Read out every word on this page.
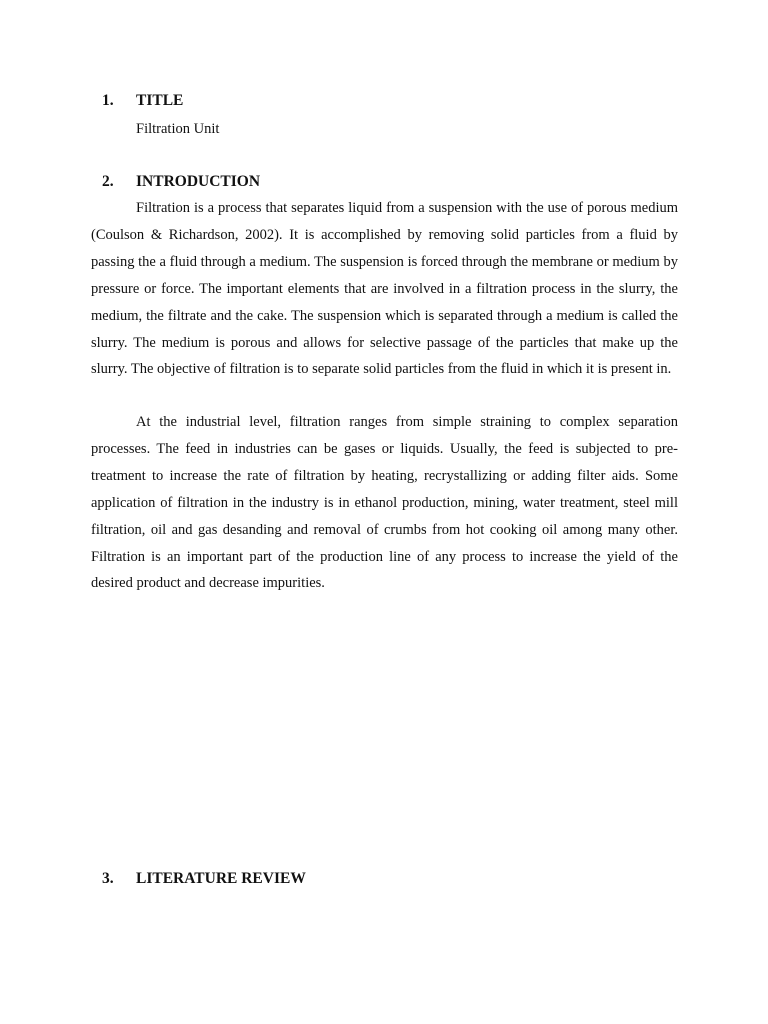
1. TITLE
Filtration Unit
2. INTRODUCTION

Filtration is a process that separates liquid from a suspension with the use of porous medium (Coulson & Richardson, 2002). It is accomplished by removing solid particles from a fluid by passing the a fluid through a medium. The suspension is forced through the membrane or medium by pressure or force. The important elements that are involved in a filtration process in the slurry, the medium, the filtrate and the cake. The suspension which is separated through a medium is called the slurry. The medium is porous and allows for selective passage of the particles that make up the slurry. The objective of filtration is to separate solid particles from the fluid in which it is present in.

At the industrial level, filtration ranges from simple straining to complex separation processes. The feed in industries can be gases or liquids. Usually, the feed is subjected to pre-treatment to increase the rate of filtration by heating, recrystallizing or adding filter aids. Some application of filtration in the industry is in ethanol production, mining, water treatment, steel mill filtration, oil and gas desanding and removal of crumbs from hot cooking oil among many other. Filtration is an important part of the production line of any process to increase the yield of the desired product and decrease impurities.

3. LITERATURE REVIEW
